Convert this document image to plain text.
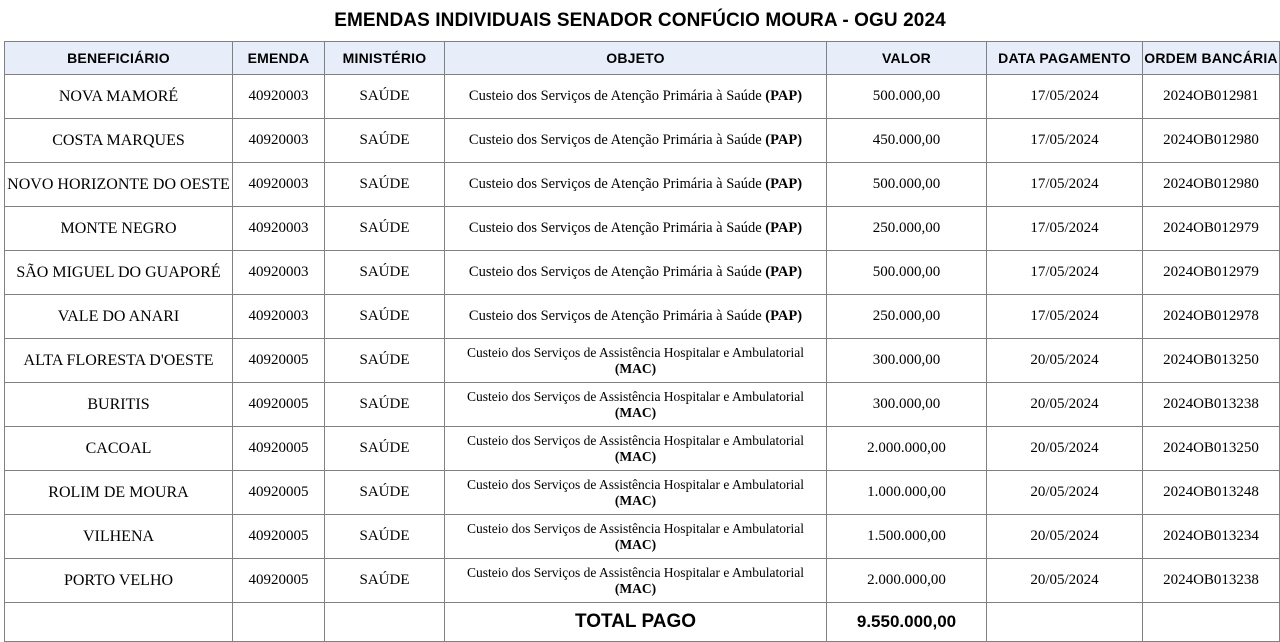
EMENDAS INDIVIDUAIS SENADOR CONFÚCIO MOURA - OGU 2024
BENEFICIÁRIO	EMENDA	MINISTÉRIO	OBJETO	VALOR	DATA PAGAMENTO	ORDEM BANCÁRIA
NOVA MAMORÉ	40920003	SAÚDE	Custeio dos Serviços de Atenção Primária à Saúde (PAP)	500.000,00	17/05/2024	2024OB012981
COSTA MARQUES	40920003	SAÚDE	Custeio dos Serviços de Atenção Primária à Saúde (PAP)	450.000,00	17/05/2024	2024OB012980
NOVO HORIZONTE DO OESTE	40920003	SAÚDE	Custeio dos Serviços de Atenção Primária à Saúde (PAP)	500.000,00	17/05/2024	2024OB012980
MONTE NEGRO	40920003	SAÚDE	Custeio dos Serviços de Atenção Primária à Saúde (PAP)	250.000,00	17/05/2024	2024OB012979
SÃO MIGUEL DO GUAPORÉ	40920003	SAÚDE	Custeio dos Serviços de Atenção Primária à Saúde (PAP)	500.000,00	17/05/2024	2024OB012979
VALE DO ANARI	40920003	SAÚDE	Custeio dos Serviços de Atenção Primária à Saúde (PAP)	250.000,00	17/05/2024	2024OB012978
ALTA FLORESTA D'OESTE	40920005	SAÚDE	Custeio dos Serviços de Assistência Hospitalar e Ambulatorial (MAC)	300.000,00	20/05/2024	2024OB013250
BURITIS	40920005	SAÚDE	Custeio dos Serviços de Assistência Hospitalar e Ambulatorial (MAC)	300.000,00	20/05/2024	2024OB013238
CACOAL	40920005	SAÚDE	Custeio dos Serviços de Assistência Hospitalar e Ambulatorial (MAC)	2.000.000,00	20/05/2024	2024OB013250
ROLIM DE MOURA	40920005	SAÚDE	Custeio dos Serviços de Assistência Hospitalar e Ambulatorial (MAC)	1.000.000,00	20/05/2024	2024OB013248
VILHENA	40920005	SAÚDE	Custeio dos Serviços de Assistência Hospitalar e Ambulatorial (MAC)	1.500.000,00	20/05/2024	2024OB013234
PORTO VELHO	40920005	SAÚDE	Custeio dos Serviços de Assistência Hospitalar e Ambulatorial (MAC)	2.000.000,00	20/05/2024	2024OB013238
			TOTAL PAGO	9.550.000,00		
